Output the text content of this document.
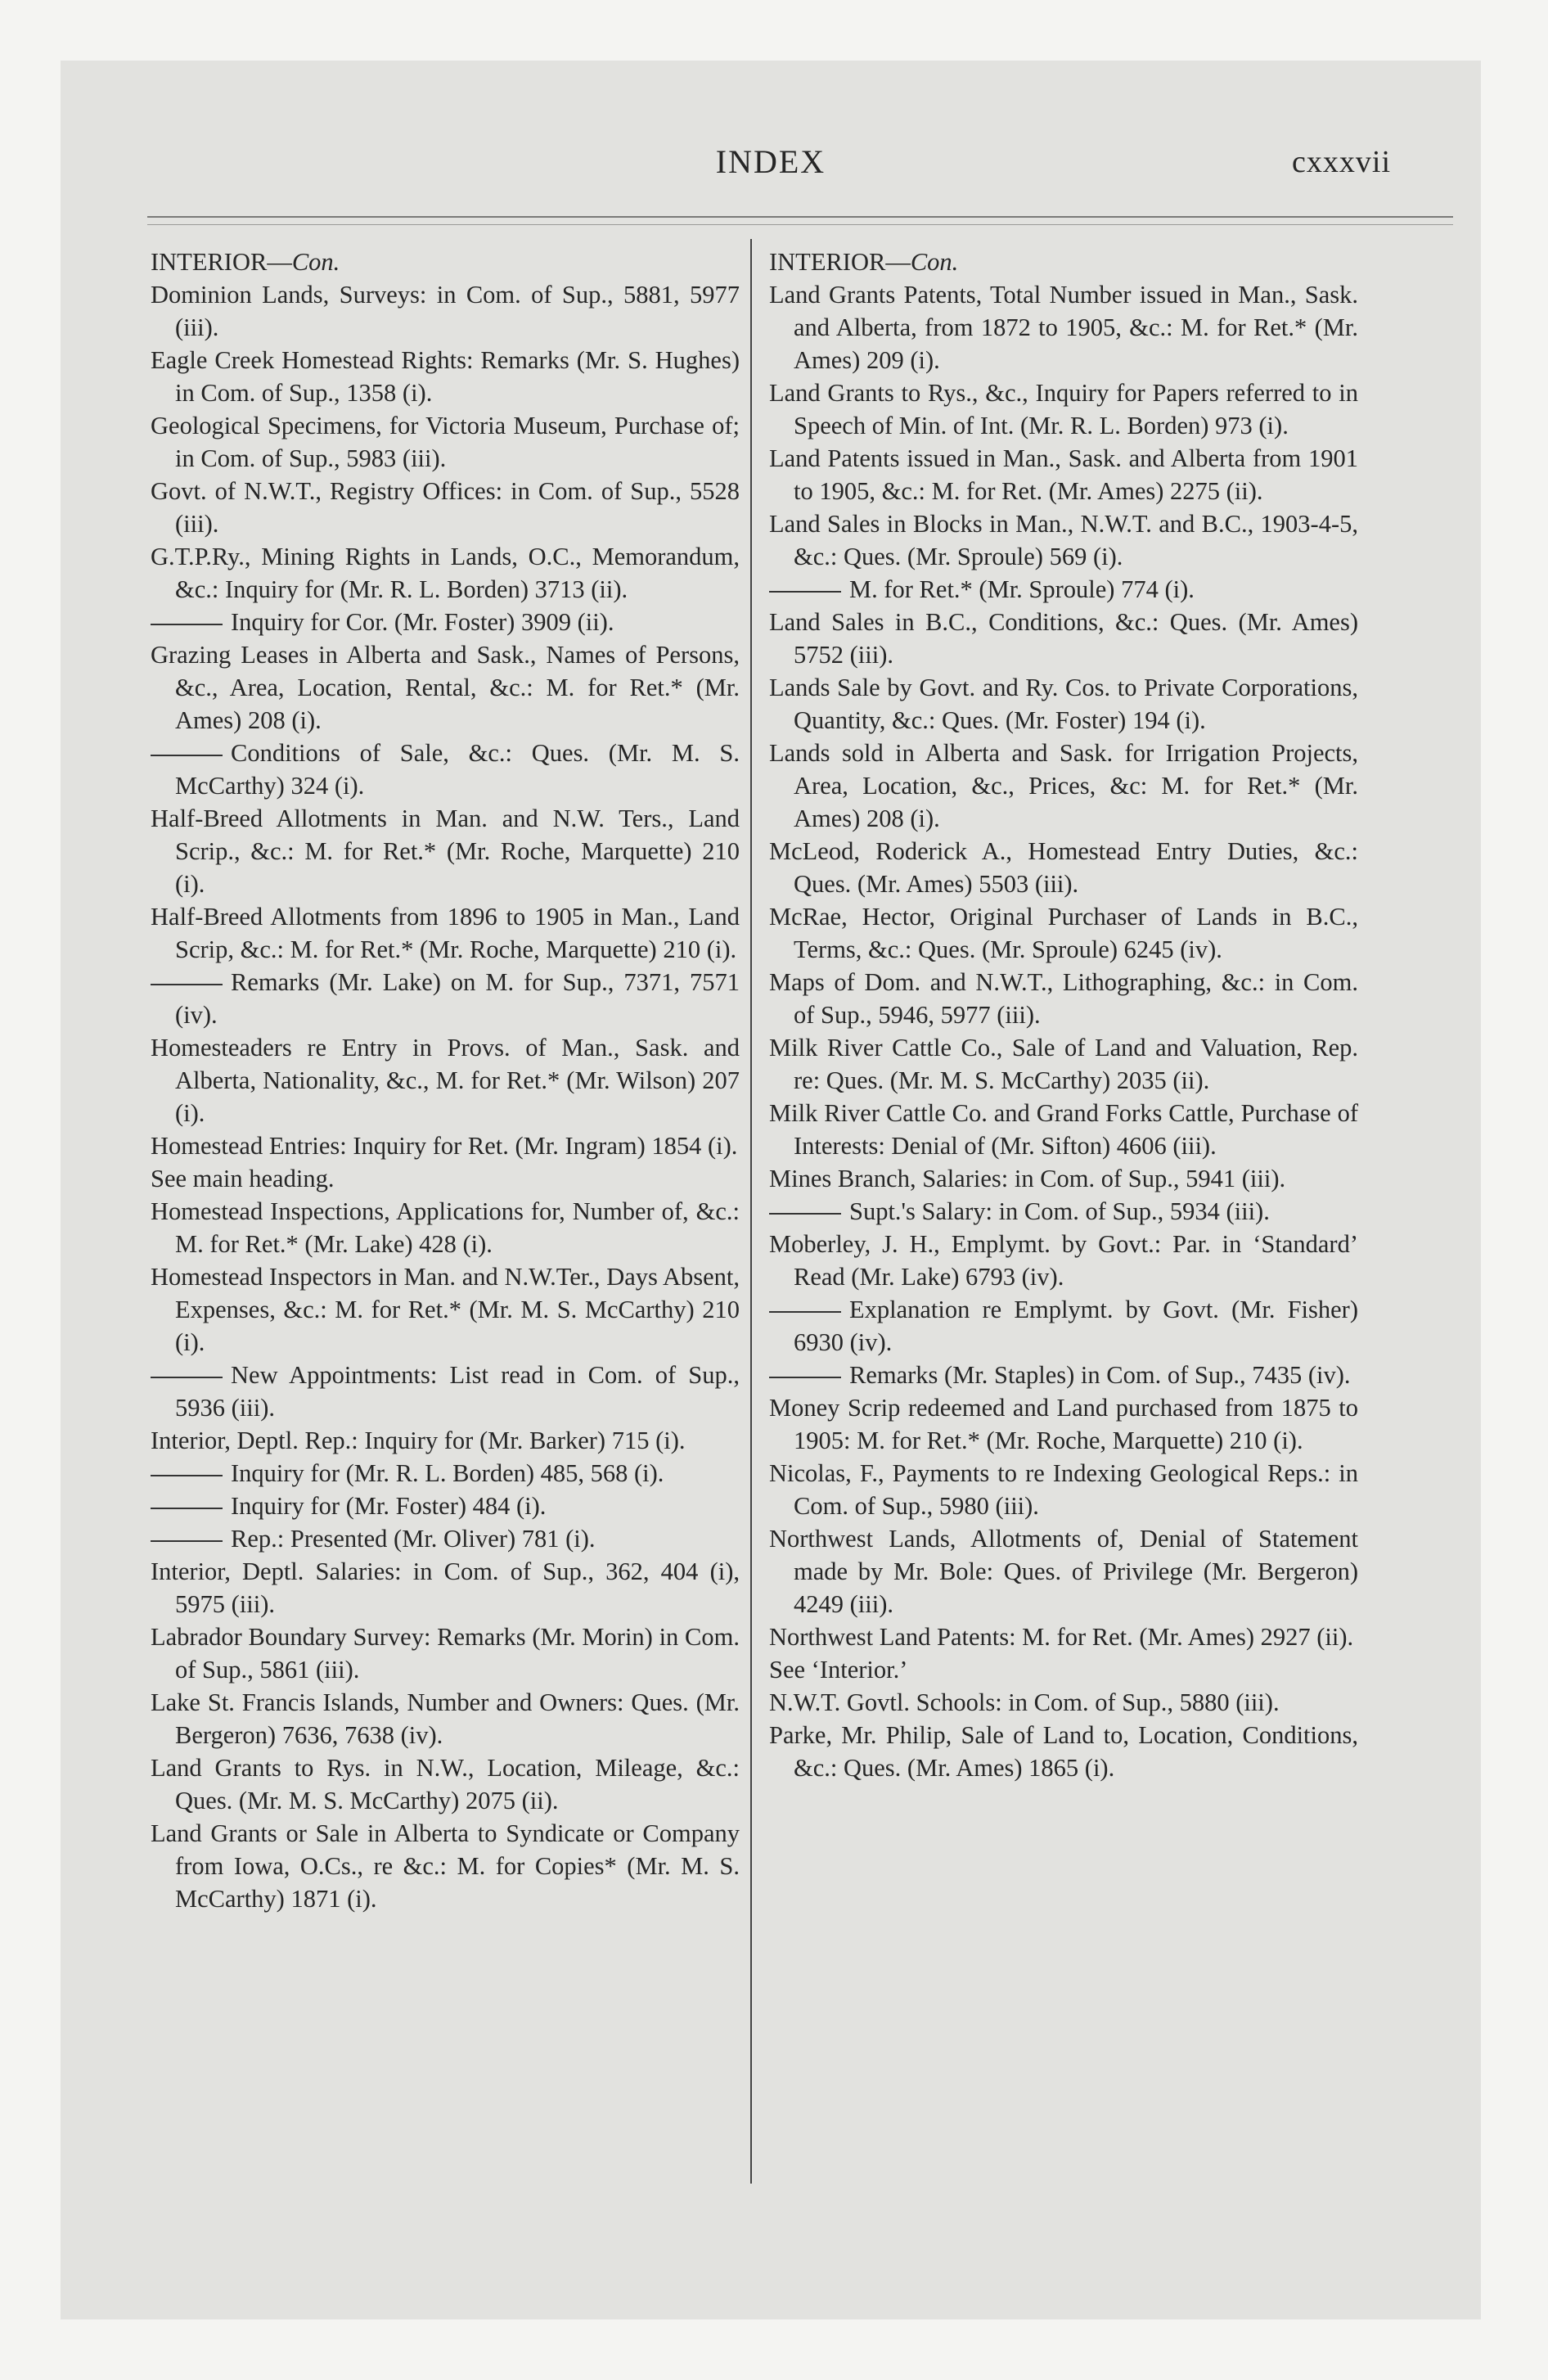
INDEX	cxxxvii

INTERIOR—Con.

Dominion Lands, Surveys: in Com. of Sup., 5881, 5977 (iii).

Eagle Creek Homestead Rights: Remarks (Mr. S. Hughes) in Com. of Sup., 1358 (i).

Geological Specimens, for Victoria Museum, Purchase of; in Com. of Sup., 5983 (iii).

Govt. of N.W.T., Registry Offices: in Com. of Sup., 5528 (iii).

G.T.P.Ry., Mining Rights in Lands, O.C., Memorandum, &c.: Inquiry for (Mr. R. L. Borden) 3713 (ii).

Inquiry for Cor. (Mr. Foster) 3909 (ii).

Grazing Leases in Alberta and Sask., Names of Persons, &c., Area, Location, Rental, &c.: M. for Ret.* (Mr. Ames) 208 (i).

Conditions of Sale, &c.: Ques. (Mr. M. S. McCarthy) 324 (i).

Half-Breed Allotments in Man. and N.W. Ters., Land Scrip., &c.: M. for Ret.* (Mr. Roche, Marquette) 210 (i).

Half-Breed Allotments from 1896 to 1905 in Man., Land Scrip, &c.: M. for Ret.* (Mr. Roche, Marquette) 210 (i).

Remarks (Mr. Lake) on M. for Sup., 7371, 7571 (iv).

Homesteaders re Entry in Provs. of Man., Sask. and Alberta, Nationality, &c., M. for Ret.* (Mr. Wilson) 207 (i).

Homestead Entries: Inquiry for Ret. (Mr. Ingram) 1854 (i).

See main heading.

Homestead Inspections, Applications for, Number of, &c.: M. for Ret.* (Mr. Lake) 428 (i).

Homestead Inspectors in Man. and N.W.Ter., Days Absent, Expenses, &c.: M. for Ret.* (Mr. M. S. McCarthy) 210 (i).

New Appointments: List read in Com. of Sup., 5936 (iii).

Interior, Deptl. Rep.: Inquiry for (Mr. Barker) 715 (i).

Inquiry for (Mr. R. L. Borden) 485, 568 (i).

Inquiry for (Mr. Foster) 484 (i).

Rep.: Presented (Mr. Oliver) 781 (i).

Interior, Deptl. Salaries: in Com. of Sup., 362, 404 (i), 5975 (iii).

Labrador Boundary Survey: Remarks (Mr. Morin) in Com. of Sup., 5861 (iii).

Lake St. Francis Islands, Number and Owners: Ques. (Mr. Bergeron) 7636, 7638 (iv).

Land Grants to Rys. in N.W., Location, Mileage, &c.: Ques. (Mr. M. S. McCarthy) 2075 (ii).

Land Grants or Sale in Alberta to Syndicate or Company from Iowa, O.Cs., re &c.: M. for Copies* (Mr. M. S. McCarthy) 1871 (i).

INTERIOR—Con.

Land Grants Patents, Total Number issued in Man., Sask. and Alberta, from 1872 to 1905, &c.: M. for Ret.* (Mr. Ames) 209 (i).

Land Grants to Rys., &c., Inquiry for Papers referred to in Speech of Min. of Int. (Mr. R. L. Borden) 973 (i).

Land Patents issued in Man., Sask. and Alberta from 1901 to 1905, &c.: M. for Ret. (Mr. Ames) 2275 (ii).

Land Sales in Blocks in Man., N.W.T. and B.C., 1903-4-5, &c.: Ques. (Mr. Sproule) 569 (i).

M. for Ret.* (Mr. Sproule) 774 (i).

Land Sales in B.C., Conditions, &c.: Ques. (Mr. Ames) 5752 (iii).

Lands Sale by Govt. and Ry. Cos. to Private Corporations, Quantity, &c.: Ques. (Mr. Foster) 194 (i).

Lands sold in Alberta and Sask. for Irrigation Projects, Area, Location, &c., Prices, &c: M. for Ret.* (Mr. Ames) 208 (i).

McLeod, Roderick A., Homestead Entry Duties, &c.: Ques. (Mr. Ames) 5503 (iii).

McRae, Hector, Original Purchaser of Lands in B.C., Terms, &c.: Ques. (Mr. Sproule) 6245 (iv).

Maps of Dom. and N.W.T., Lithographing, &c.: in Com. of Sup., 5946, 5977 (iii).

Milk River Cattle Co., Sale of Land and Valuation, Rep. re: Ques. (Mr. M. S. McCarthy) 2035 (ii).

Milk River Cattle Co. and Grand Forks Cattle, Purchase of Interests: Denial of (Mr. Sifton) 4606 (iii).

Mines Branch, Salaries: in Com. of Sup., 5941 (iii).

Supt.'s Salary: in Com. of Sup., 5934 (iii).

Moberley, J. H., Emplymt. by Govt.: Par. in ‘Standard’ Read (Mr. Lake) 6793 (iv).

Explanation re Emplymt. by Govt. (Mr. Fisher) 6930 (iv).

Remarks (Mr. Staples) in Com. of Sup., 7435 (iv).

Money Scrip redeemed and Land purchased from 1875 to 1905: M. for Ret.* (Mr. Roche, Marquette) 210 (i).

Nicolas, F., Payments to re Indexing Geological Reps.: in Com. of Sup., 5980 (iii).

Northwest Lands, Allotments of, Denial of Statement made by Mr. Bole: Ques. of Privilege (Mr. Bergeron) 4249 (iii).

Northwest Land Patents: M. for Ret. (Mr. Ames) 2927 (ii).

See ‘Interior.’

N.W.T. Govtl. Schools: in Com. of Sup., 5880 (iii).

Parke, Mr. Philip, Sale of Land to, Location, Conditions, &c.: Ques. (Mr. Ames) 1865 (i).
